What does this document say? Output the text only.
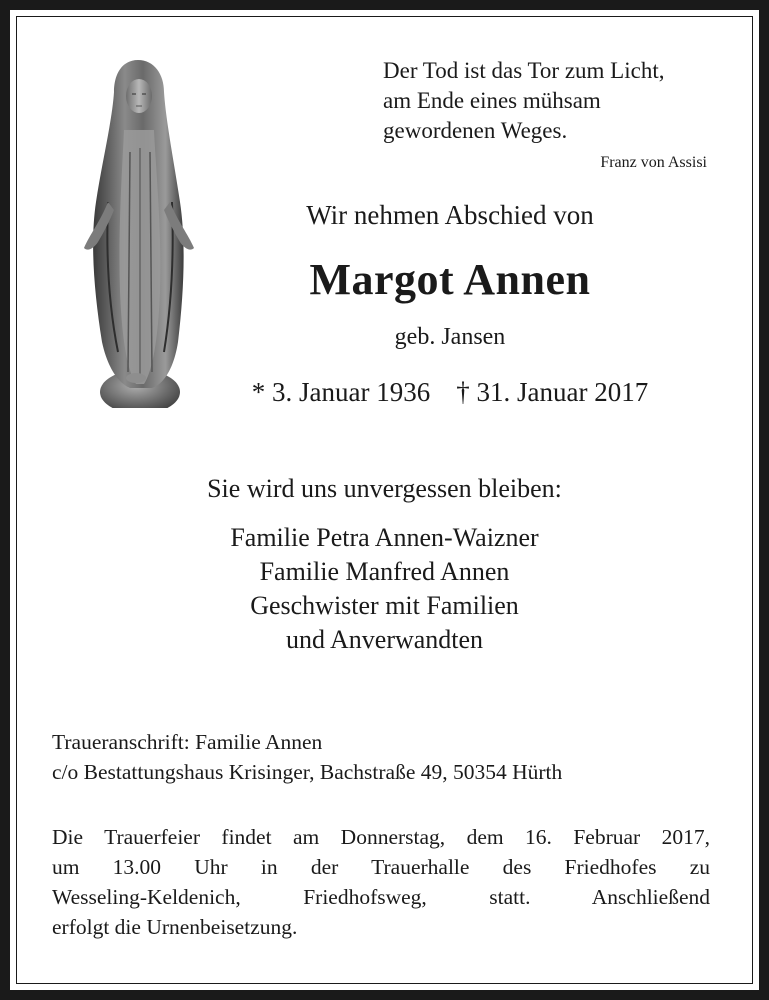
Der Tod ist das Tor zum Licht,
am Ende eines mühsam
gewordenen Weges.
Franz von Assisi
Wir nehmen Abschied von
Margot Annen
geb. Jansen
* 3. Januar 1936 † 31. Januar 2017
Sie wird uns unvergessen bleiben:
Familie Petra Annen-Waizner
Familie Manfred Annen
Geschwister mit Familien
und Anverwandten
Traueranschrift: Familie Annen
c/o Bestattungshaus Krisinger, Bachstraße 49, 50354 Hürth
Die Trauerfeier findet am Donnerstag, dem 16. Februar 2017,
um 13.00 Uhr in der Trauerhalle des Friedhofes zu
Wesseling-Keldenich, Friedhofsweg, statt. Anschließend
erfolgt die Urnenbeisetzung.
